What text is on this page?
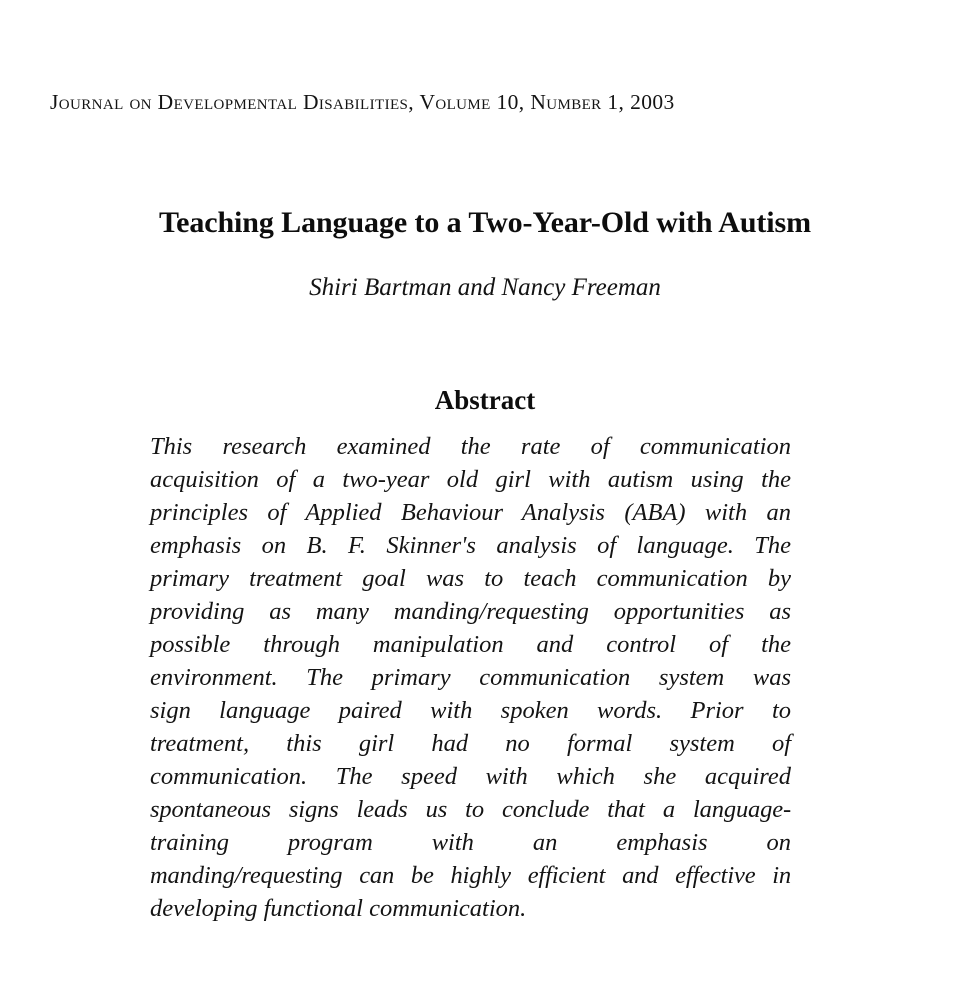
Journal on Developmental Disabilities, Volume 10, Number 1, 2003
Teaching Language to a Two-Year-Old with Autism
Shiri Bartman and Nancy Freeman
Abstract
This research examined the rate of communication
acquisition of a two-year old girl with autism using the
principles of Applied Behaviour Analysis (ABA) with an
emphasis on B. F. Skinner's analysis of language. The
primary treatment goal was to teach communication by
providing as many manding/requesting opportunities as
possible through manipulation and control of the
environment. The primary communication system was
sign language paired with spoken words. Prior to
treatment, this girl had no formal system of
communication. The speed with which she acquired
spontaneous signs leads us to conclude that a language-
training program with an emphasis on
manding/requesting can be highly efficient and effective in
developing functional communication.
